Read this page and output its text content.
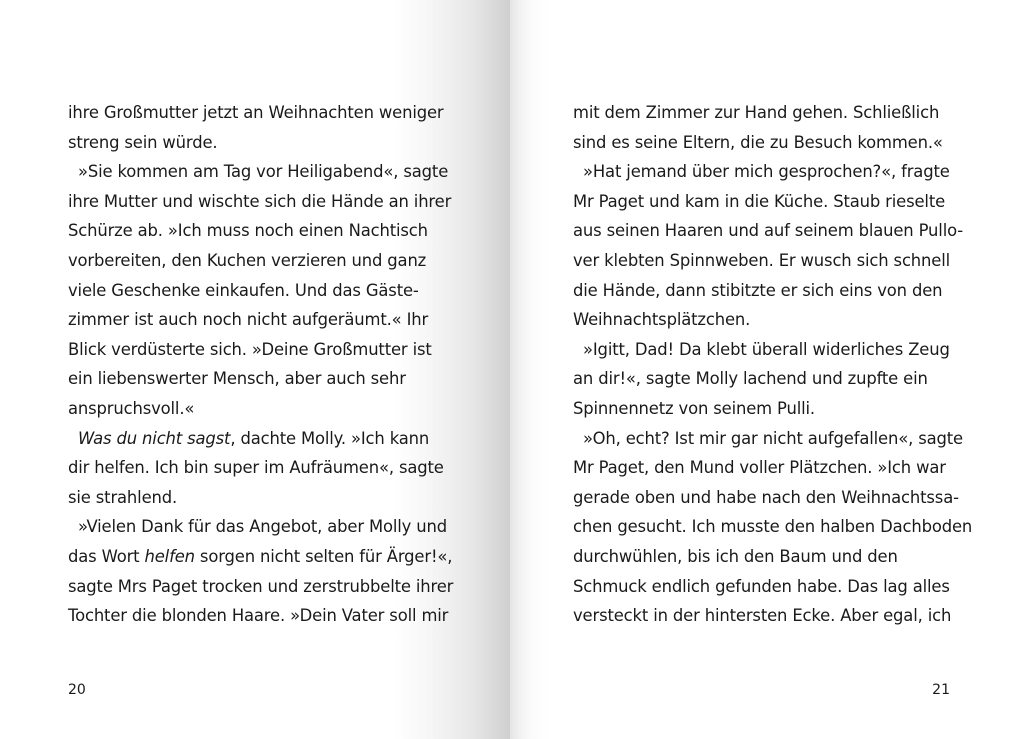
ihre Großmutter jetzt an Weihnachten weniger
streng sein würde.
»Sie kommen am Tag vor Heiligabend«, sagte
ihre Mutter und wischte sich die Hände an ihrer
Schürze ab. »Ich muss noch einen Nachtisch
vorbereiten, den Kuchen verzieren und ganz
viele Geschenke einkaufen. Und das Gäste-
zimmer ist auch noch nicht aufgeräumt.« Ihr
Blick verdüsterte sich. »Deine Großmutter ist
ein liebenswerter Mensch, aber auch sehr
anspruchsvoll.«
Was du nicht sagst, dachte Molly. »Ich kann
dir helfen. Ich bin super im Aufräumen«, sagte
sie strahlend.
»Vielen Dank für das Angebot, aber Molly und
das Wort helfen sorgen nicht selten für Ärger!«,
sagte Mrs Paget trocken und zerstrubbelte ihrer
Tochter die blonden Haare. »Dein Vater soll mir
20
mit dem Zimmer zur Hand gehen. Schließlich
sind es seine Eltern, die zu Besuch kommen.«
»Hat jemand über mich gesprochen?«, fragte
Mr Paget und kam in die Küche. Staub rieselte
aus seinen Haaren und auf seinem blauen Pullo-
ver klebten Spinnweben. Er wusch sich schnell
die Hände, dann stibitzte er sich eins von den
Weihnachtsplätzchen.
»Igitt, Dad! Da klebt überall widerliches Zeug
an dir!«, sagte Molly lachend und zupfte ein
Spinnennetz von seinem Pulli.
»Oh, echt? Ist mir gar nicht aufgefallen«, sagte
Mr Paget, den Mund voller Plätzchen. »Ich war
gerade oben und habe nach den Weihnachtssa-
chen gesucht. Ich musste den halben Dachboden
durchwühlen, bis ich den Baum und den
Schmuck endlich gefunden habe. Das lag alles
versteckt in der hintersten Ecke. Aber egal, ich
21
